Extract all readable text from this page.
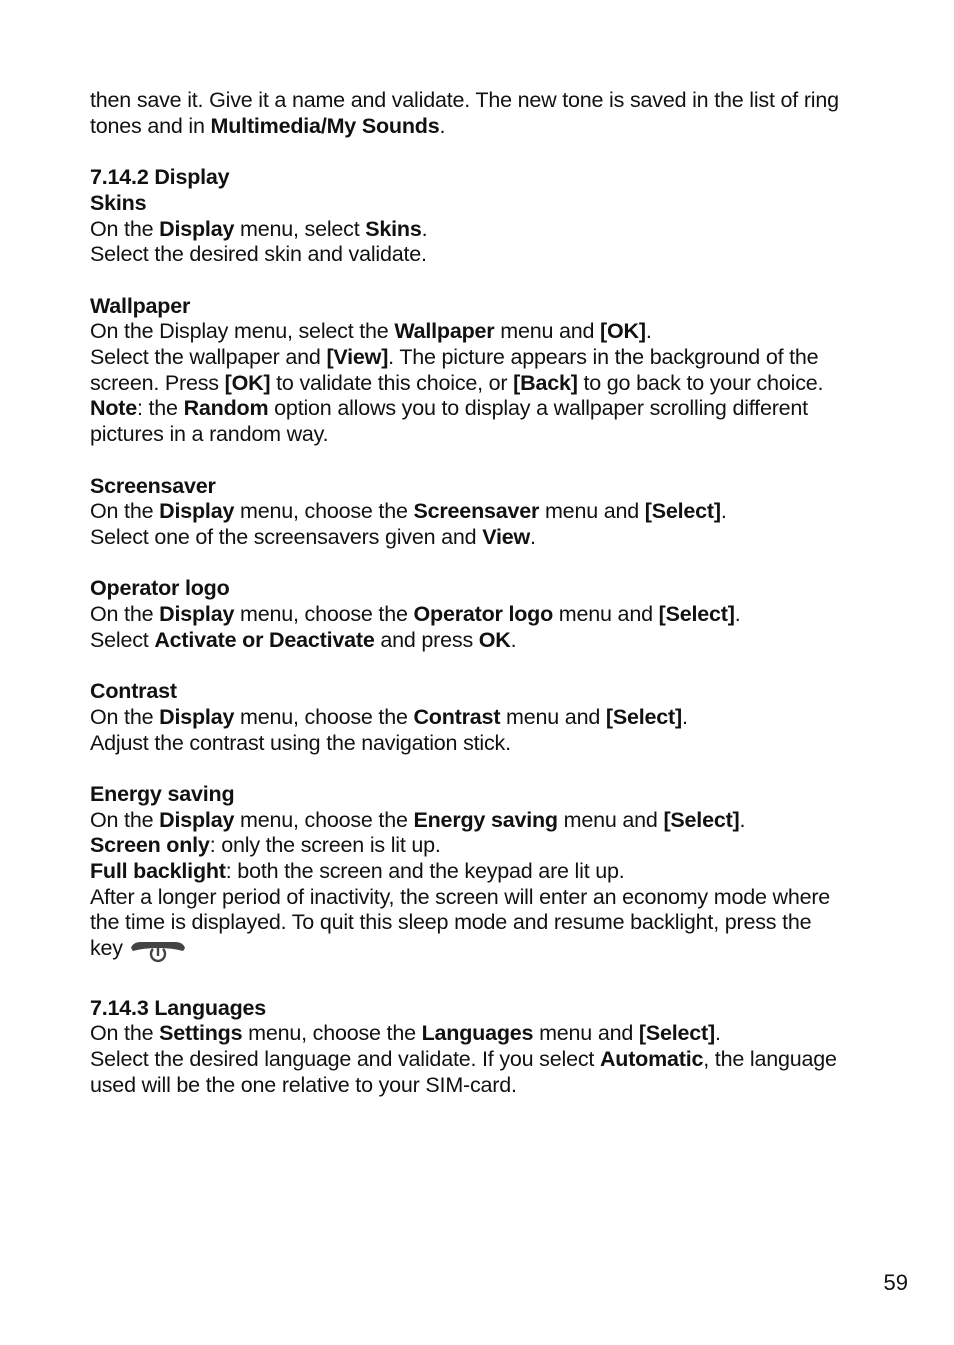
then save it. Give it a name and validate. The new tone is saved in the list of ring
tones and in Multimedia/My Sounds.
7.14.2 Display
Skins
On the Display menu, select Skins.
Select the desired skin and validate.
Wallpaper
On the Display menu, select the Wallpaper menu and [OK].
Select the wallpaper and [View]. The picture appears in the background of the
screen. Press [OK] to validate this choice, or [Back] to go back to your choice.
Note: the Random option allows you to display a wallpaper scrolling different
pictures in a random way.
Screensaver
On the Display menu, choose the Screensaver menu and [Select].
Select one of the screensavers given and View.
Operator logo
On the Display menu, choose the Operator logo menu and [Select].
Select Activate or Deactivate and press OK.
Contrast
On the Display menu, choose the Contrast menu and [Select].
Adjust the contrast using the navigation stick.
Energy saving
On the Display menu, choose the Energy saving menu and [Select].
Screen only: only the screen is lit up.
Full backlight: both the screen and the keypad are lit up.
After a longer period of inactivity, the screen will enter an economy mode where
the time is displayed. To quit this sleep mode and resume backlight, press the
key
7.14.3 Languages
On the Settings menu, choose the Languages menu and [Select].
Select the desired language and validate. If you select Automatic, the language
used will be the one relative to your SIM-card.
59
